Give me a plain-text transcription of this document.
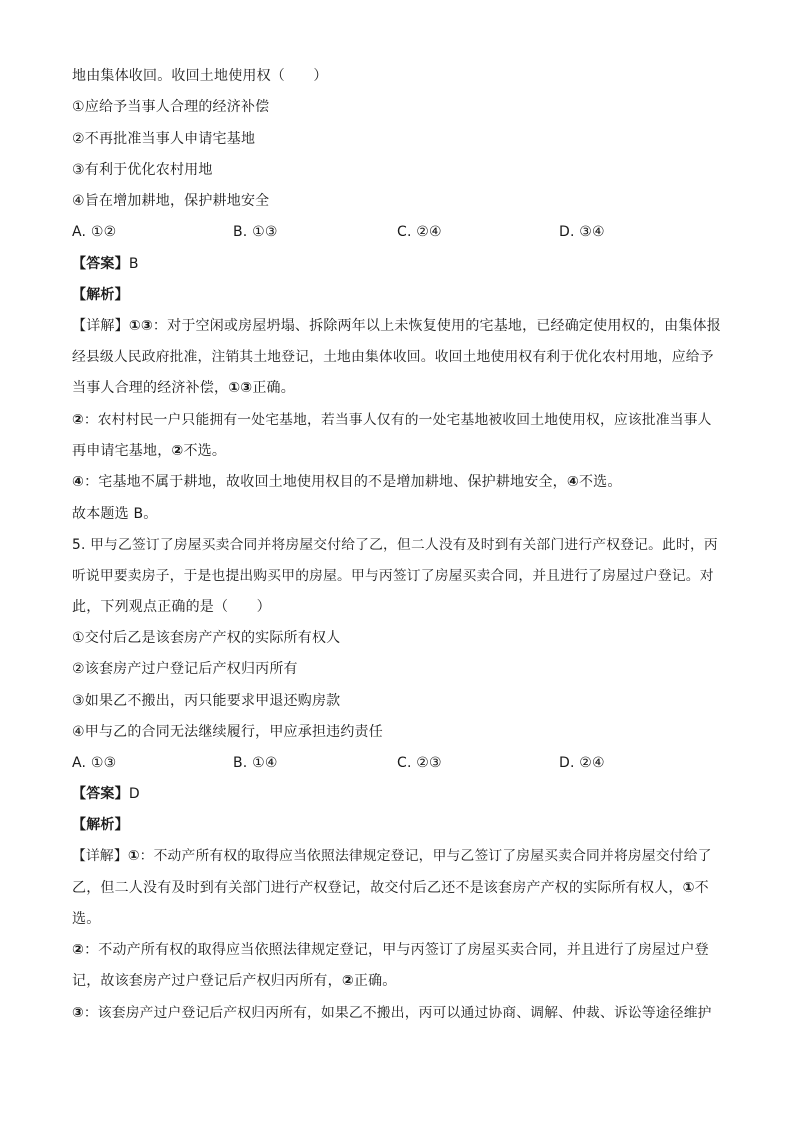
地由集体收回。收回土地使用权（　　）
①应给予当事人合理的经济补偿
②不再批准当事人申请宅基地
③有利于优化农村用地
④旨在增加耕地，保护耕地安全
A. ①②	B. ①③	C. ②④	D. ③④
【答案】B
【解析】
【详解】①③：对于空闲或房屋坍塌、拆除两年以上未恢复使用的宅基地，已经确定使用权的，由集体报
经县级人民政府批准，注销其土地登记，土地由集体收回。收回土地使用权有利于优化农村用地，应给予
当事人合理的经济补偿，①③正确。
②：农村村民一户只能拥有一处宅基地，若当事人仅有的一处宅基地被收回土地使用权，应该批准当事人
再申请宅基地，②不选。
④：宅基地不属于耕地，故收回土地使用权目的不是增加耕地、保护耕地安全，④不选。
故本题选 B。
5. 甲与乙签订了房屋买卖合同并将房屋交付给了乙，但二人没有及时到有关部门进行产权登记。此时，丙
听说甲要卖房子，于是也提出购买甲的房屋。甲与丙签订了房屋买卖合同，并且进行了房屋过户登记。对
此，下列观点正确的是（　　）
①交付后乙是该套房产产权的实际所有权人
②该套房产过户登记后产权归丙所有
③如果乙不搬出，丙只能要求甲退还购房款
④甲与乙的合同无法继续履行，甲应承担违约责任
A. ①③	B. ①④	C. ②③	D. ②④
【答案】D
【解析】
【详解】①：不动产所有权的取得应当依照法律规定登记，甲与乙签订了房屋买卖合同并将房屋交付给了
乙，但二人没有及时到有关部门进行产权登记，故交付后乙还不是该套房产产权的实际所有权人，①不
选。
②：不动产所有权的取得应当依照法律规定登记，甲与丙签订了房屋买卖合同，并且进行了房屋过户登
记，故该套房产过户登记后产权归丙所有，②正确。
③：该套房产过户登记后产权归丙所有，如果乙不搬出，丙可以通过协商、调解、仲裁、诉讼等途径维护
